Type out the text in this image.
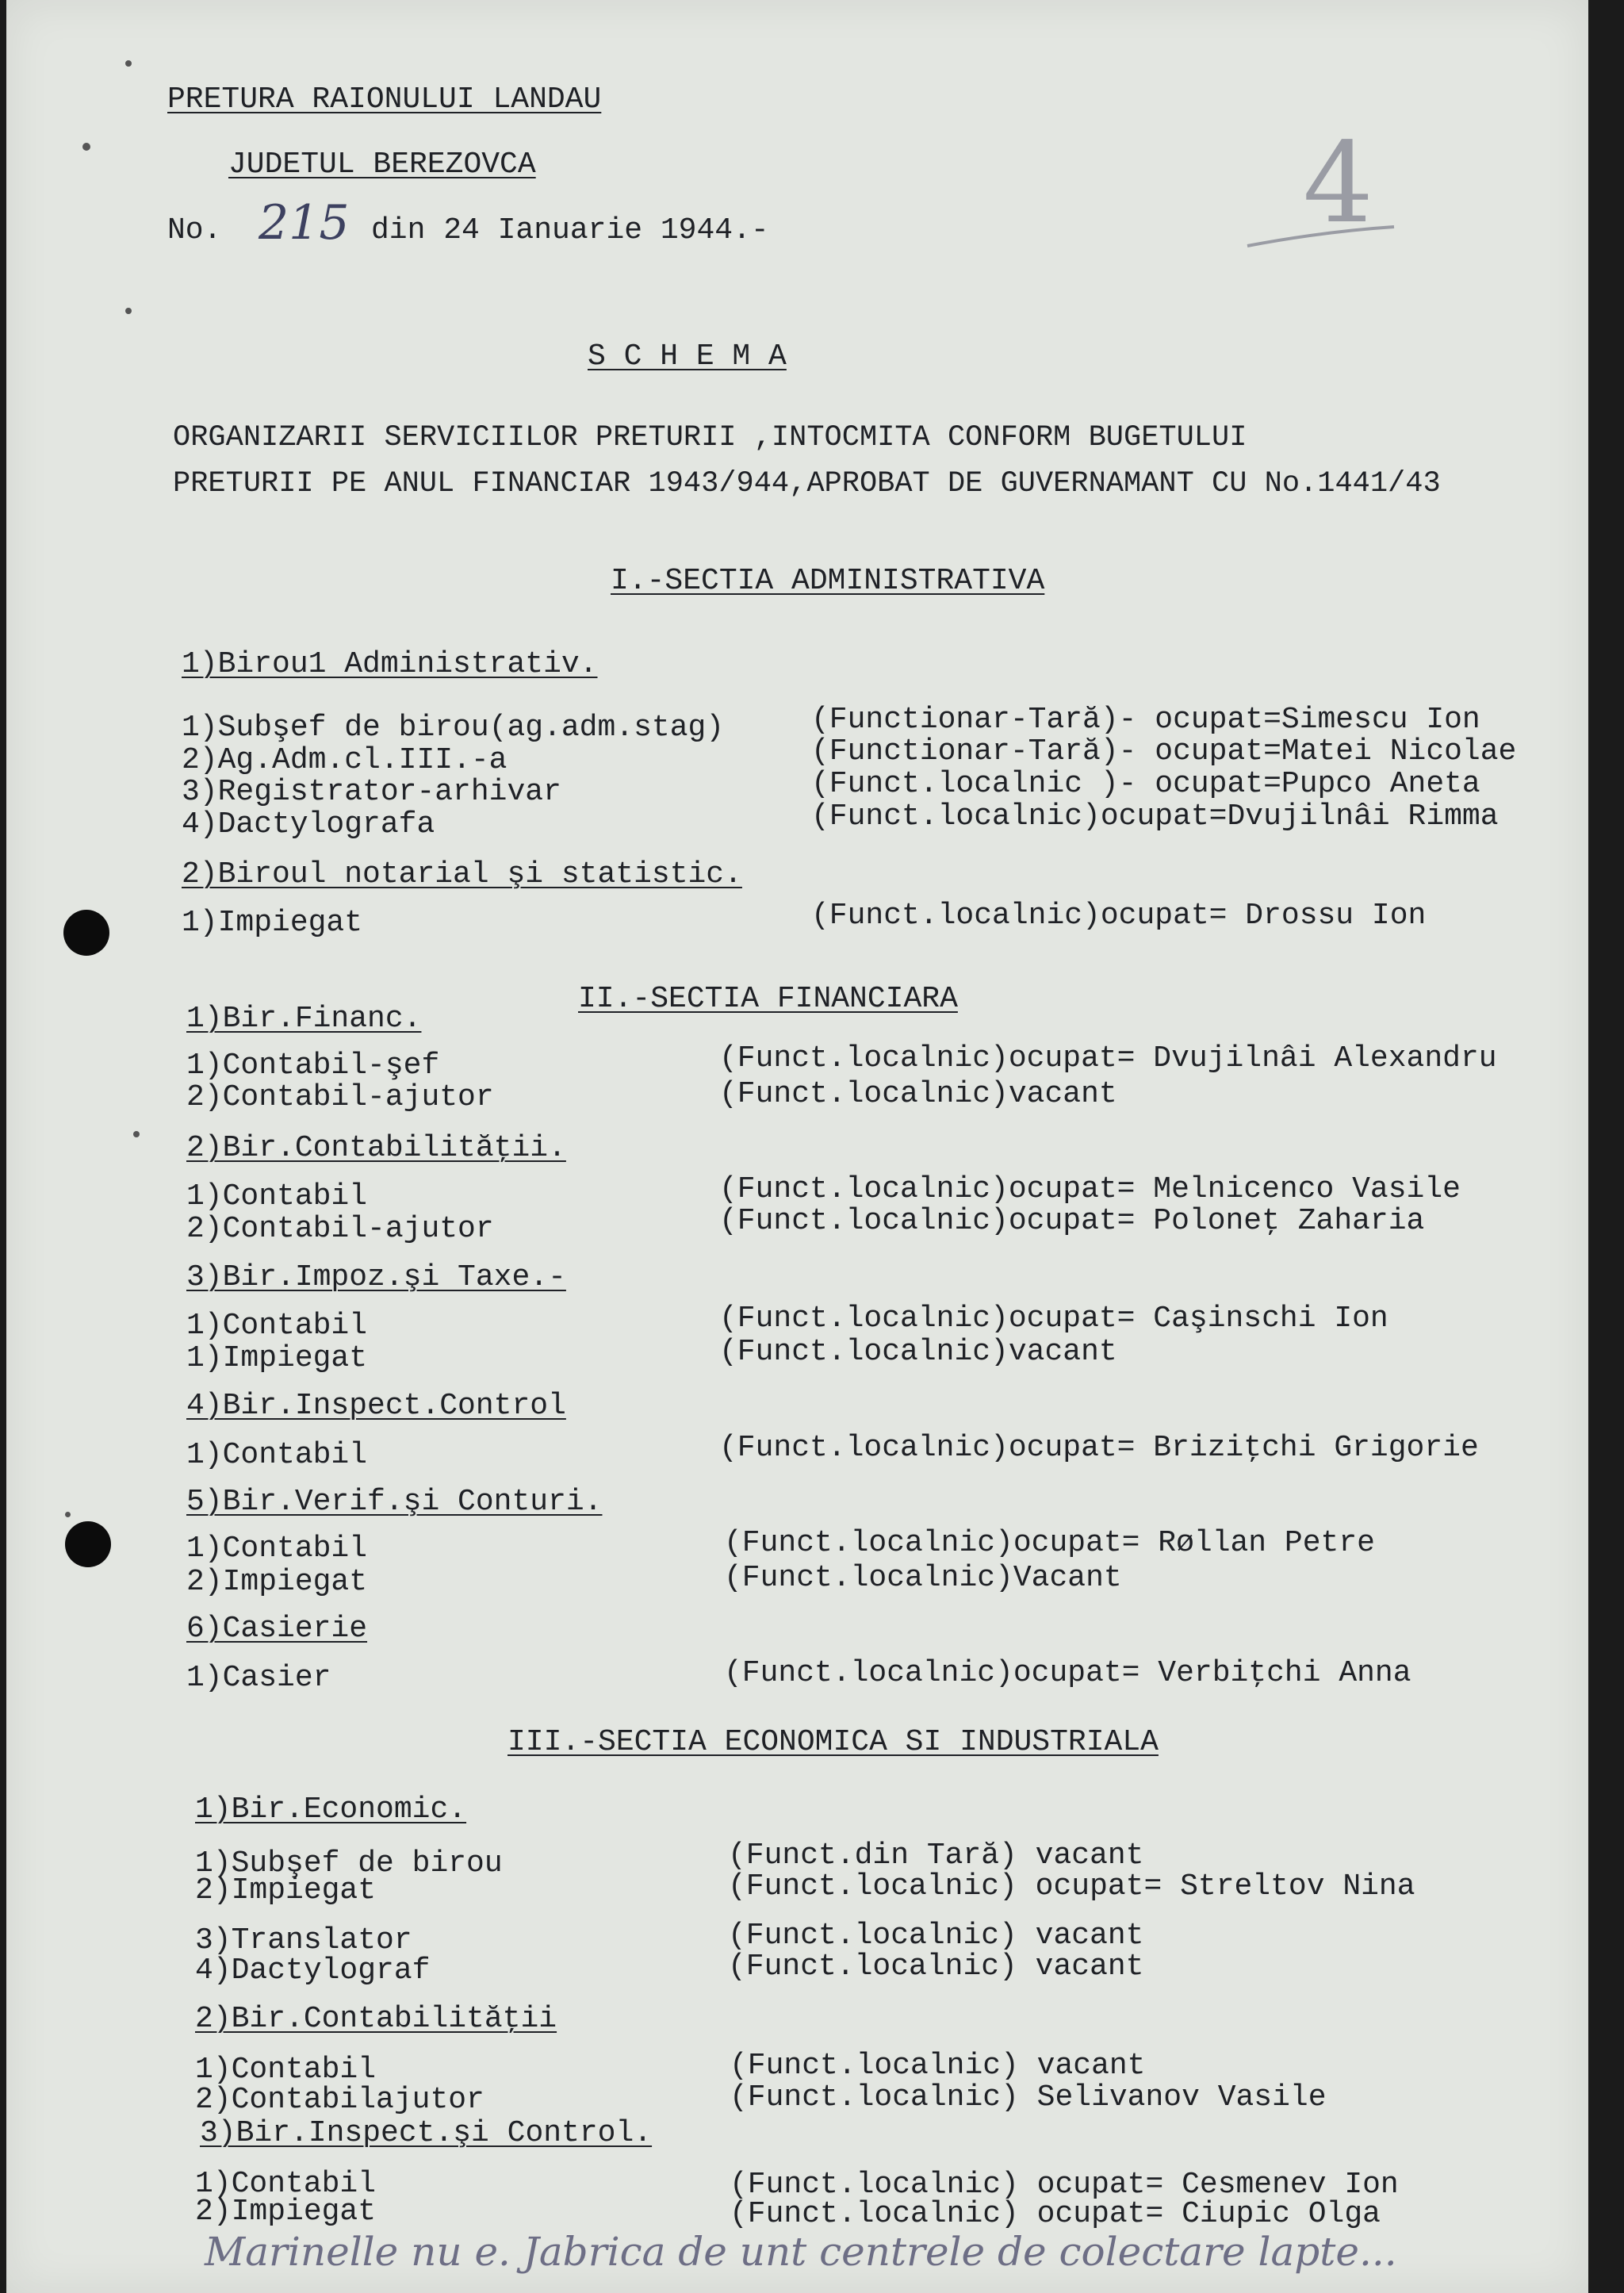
PRETURA RAIONULUI LANDAU
JUDETUL BEREZOVCA
No. 215 din 24 Ianuarie 1944.-	4
S C H E M A
ORGANIZARII SERVICIILOR PRETURII ,INTOCMITA CONFORM BUGETULUI
PRETURII PE ANUL FINANCIAR 1943/944,APROBAT DE GUVERNAMANT CU No.1441/43
I.-SECTIA ADMINISTRATIVA
1)Birou1 Administrativ.
1)Subşef de birou(ag.adm.stag)	(Functionar-Tară)- ocupat=Simescu Ion
2)Ag.Adm.cl.III.-a	(Functionar-Tară)- ocupat=Matei Nicolae
3)Registrator-arhivar	(Funct.localnic )- ocupat=Pupco Aneta
4)Dactylografa	(Funct.localnic)ocupat=Dvujilnâi Rimma
2)Biroul notarial şi statistic.
1)Impiegat	(Funct.localnic)ocupat= Drossu Ion
II.-SECTIA FINANCIARA
1)Bir.Financ.
1)Contabil-şef	(Funct.localnic)ocupat= Dvujilnâi Alexandru
2)Contabil-ajutor	(Funct.localnic)vacant
2)Bir.Contabilităţii.
1)Contabil	(Funct.localnic)ocupat= Melnicenco Vasile
2)Contabil-ajutor	(Funct.localnic)ocupat= Poloneţ Zaharia
3)Bir.Impoz.şi Taxe.-
1)Contabil	(Funct.localnic)ocupat= Caşinschi Ion
1)Impiegat	(Funct.localnic)vacant
4)Bir.Inspect.Control
1)Contabil	(Funct.localnic)ocupat= Briziţchi Grigorie
5)Bir.Verif.şi Conturi.
1)Contabil	(Funct.localnic)ocupat= Røllan Petre
2)Impiegat	(Funct.localnic)Vacant
6)Casierie
1)Casier	(Funct.localnic)ocupat= Verbiţchi Anna
III.-SECTIA ECONOMICA SI INDUSTRIALA
1)Bir.Economic.
1)Subşef de birou	(Funct.din Tară) vacant
2)Impiegat	(Funct.localnic) ocupat= Streltov Nina
3)Translator	(Funct.localnic) vacant
4)Dactylograf	(Funct.localnic) vacant
2)Bir.Contabilităţii
1)Contabil	(Funct.localnic) vacant
2)Contabilajutor	(Funct.localnic) Selivanov Vasile
3)Bir.Inspect.şi Control.
1)Contabil	(Funct.localnic) ocupat= Cesmenev Ion
2)Impiegat	(Funct.localnic) ocupat= Ciupic Olga
Marinelle nu e. Jabrica de unt centrele de colectare lapte...
